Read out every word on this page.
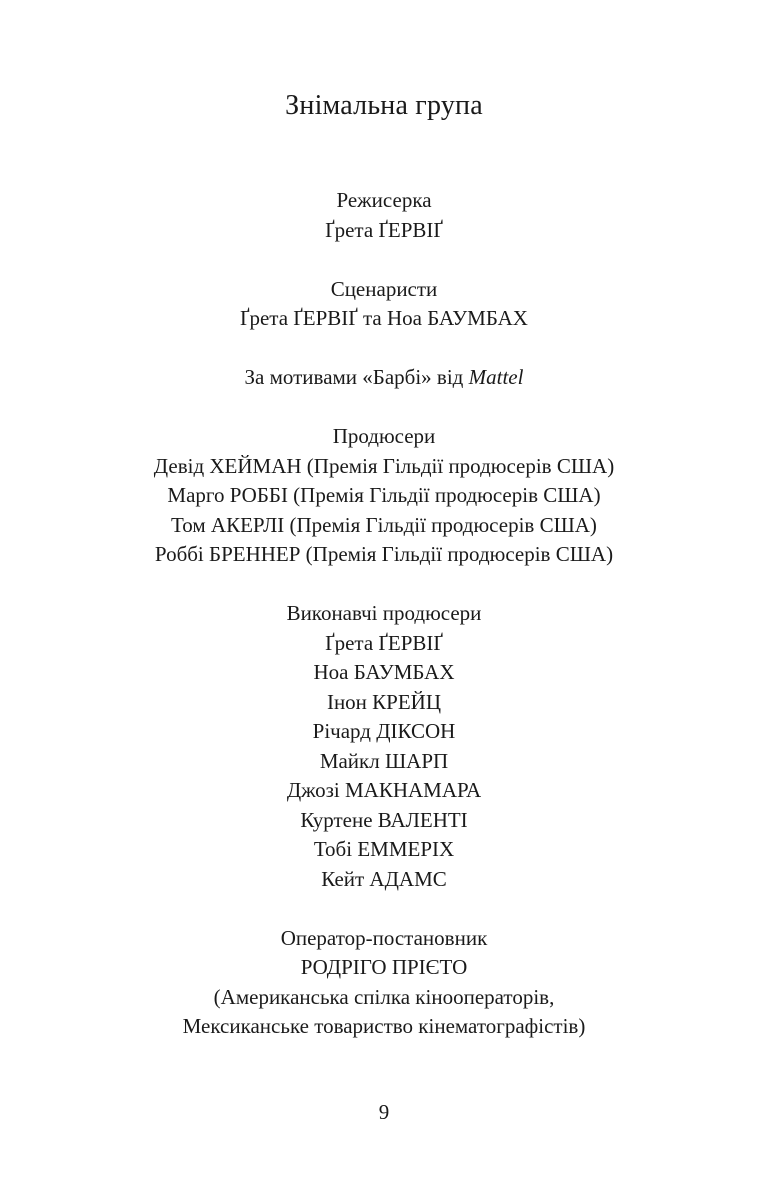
Знімальна група
Режисерка
Ґрета ҐЕРВІҐ
Сценаристи
Ґрета ҐЕРВІҐ та Ноа БАУМБАХ
За мотивами «Барбі» від Mattel
Продюсери
Девід ХЕЙМАН (Премія Гільдії продюсерів США)
Марго РОББІ (Премія Гільдії продюсерів США)
Том АКЕРЛІ (Премія Гільдії продюсерів США)
Роббі БРЕННЕР (Премія Гільдії продюсерів США)
Виконавчі продюсери
Ґрета ҐЕРВІҐ
Ноа БАУМБАХ
Інон КРЕЙЦ
Річард ДІКСОН
Майкл ШАРП
Джозі МАКНАМАРА
Куртене ВАЛЕНТІ
Тобі ЕММЕРІХ
Кейт АДАМС
Оператор-постановник
РОДРІГО ПРІЄТО
(Американська спілка кінооператорів,
Мексиканське товариство кінематографістів)
9
